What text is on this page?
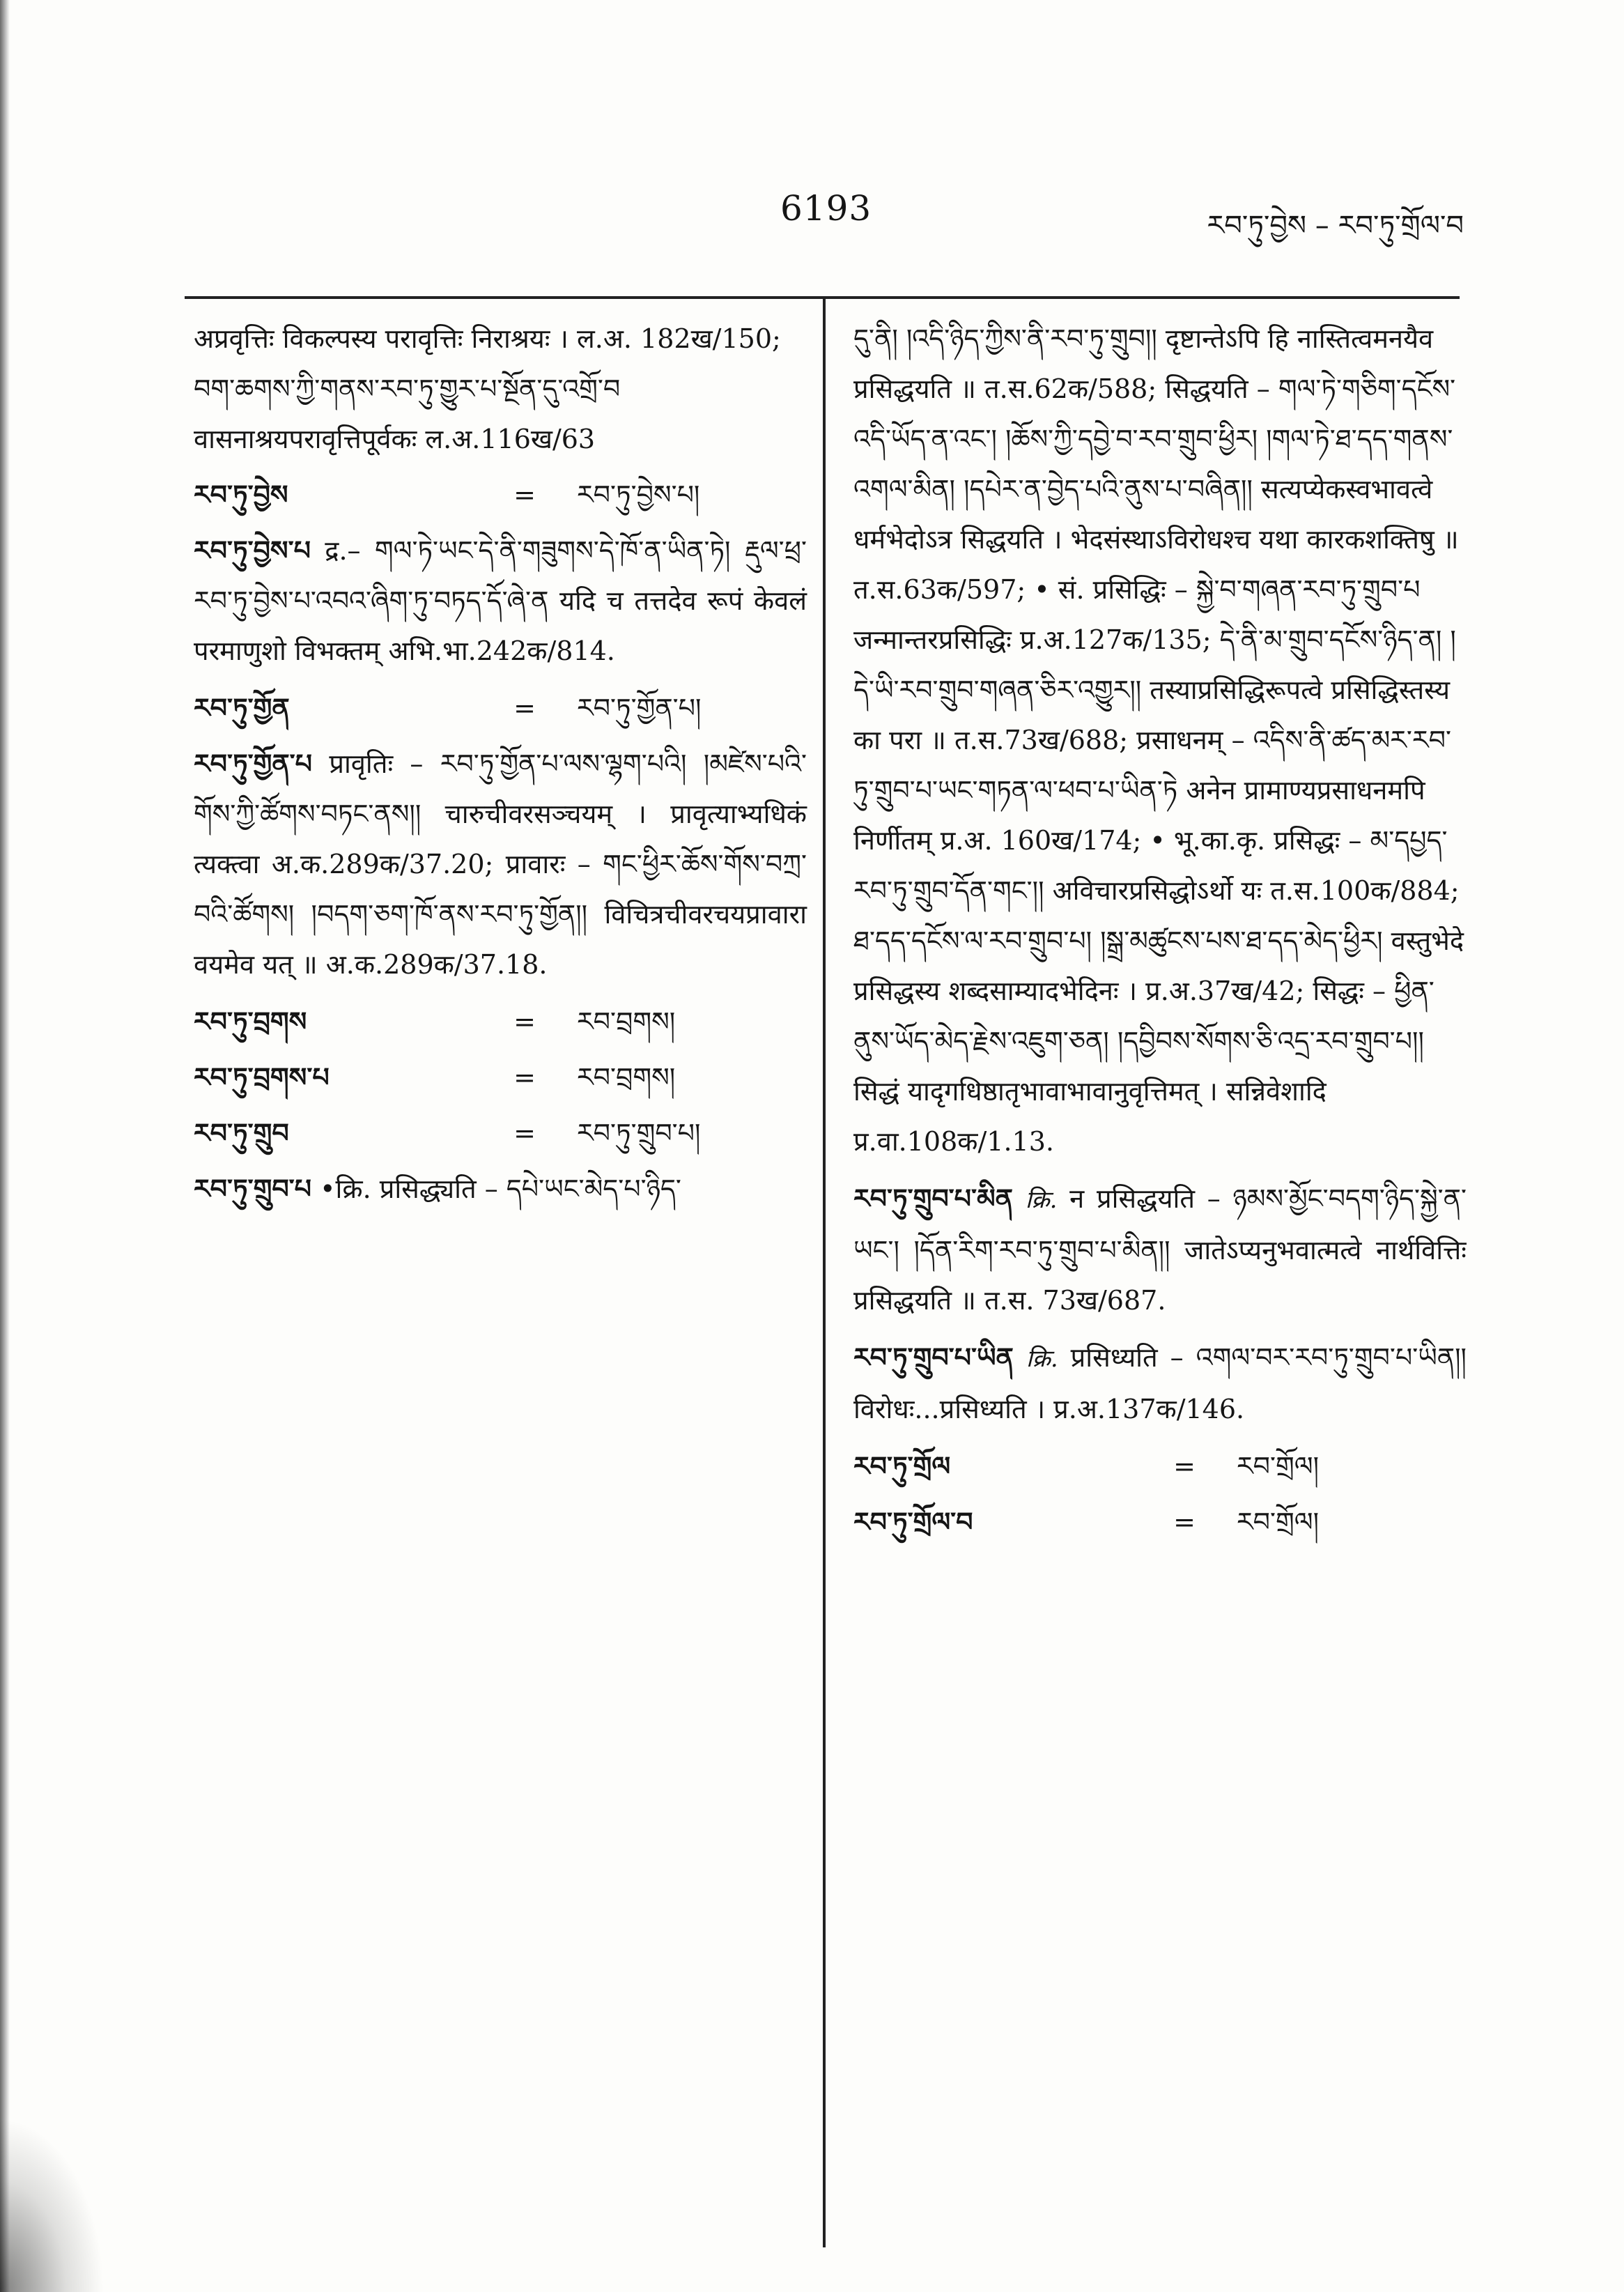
6193	རབ་ཏུ་བྱེས – རབ་ཏུ་གྲོལ་བ

अप्रवृत्तिः विकल्पस्य परावृत्तिः निराश्रयः । ल.अ. 182ख/150; བག་ཆགས་ཀྱི་གནས་རབ་ཏུ་གྱུར་པ་སྔོན་དུ་འགྲོ་བ वासनाश्रयपरावृत्तिपूर्वकः ल.अ.116ख/63

རབ་ཏུ་བྱེས	=	རབ་ཏུ་བྱེས་པ།

རབ་ཏུ་བྱེས་པ द्र.– གལ་ཏེ་ཡང་དེ་ནི་གཟུགས་དེ་ཁོ་ན་ཡིན་ཏེ། རྡུལ་ཕྲ་རབ་ཏུ་བྱེས་པ་འབའ་ཞིག་ཏུ་བཏད་དོ་ཞེ་ན यदि च तत्तदेव रूपं केवलं परमाणुशो विभक्तम् अभि.भा.242क/814.

རབ་ཏུ་གྱོན	=	རབ་ཏུ་གྱོན་པ།

རབ་ཏུ་གྱོན་པ प्रावृतिः – རབ་ཏུ་གྱོན་པ་ལས་ལྷག་པའི། །མཛེས་པའི་གོས་ཀྱི་ཚོགས་བཏང་ནས།། चारुचीवरसञ्चयम् । प्रावृत्याभ्यधिकं त्यक्त्वा अ.क.289क/37.20; प्रावारः – གང་ཕྱིར་ཆོས་གོས་བཀྲ་བའི་ཚོགས། །བདག་ཅག་ཁོ་ནས་རབ་ཏུ་གྱོན།། विचित्रचीवरचयप्रावारा वयमेव यत् ॥ अ.क.289क/37.18.

རབ་ཏུ་བྲགས	=	རབ་བྲགས།
རབ་ཏུ་བྲགས་པ	=	རབ་བྲགས།
རབ་ཏུ་གྲུབ	=	རབ་ཏུ་གྲུབ་པ།

རབ་ཏུ་གྲུབ་པ •क्रि. प्रसिद्ध्यति – དཔེ་ཡང་མེད་པ་ཉིད་

དུ་ནི། །འདི་ཉིད་ཀྱིས་ནི་རབ་ཏུ་གྲུབ།། दृष्टान्तेऽपि हि नास्तित्वमनयैव प्रसिद्धयति ॥ त.स.62क/588; सिद्धयति – གལ་ཏེ་གཅིག་དངོས་འདི་ཡོད་ན་འང་། །ཆོས་ཀྱི་དབྱེ་བ་རབ་གྲུབ་ཕྱིར། །གལ་ཏེ་ཐ་དད་གནས་འགལ་མིན། །དཔེར་ན་བྱེད་པའི་ནུས་པ་བཞིན།། सत्यप्येकस्वभावत्वे धर्मभेदोऽत्र सिद्धयति । भेदसंस्थाऽविरोधश्च यथा कारकशक्तिषु ॥ त.स.63क/597; • सं. प्रसिद्धिः – སྐྱེ་བ་གཞན་རབ་ཏུ་གྲུབ་པ जन्मान्तरप्रसिद्धिः प्र.अ.127क/135; དེ་ནི་མ་གྲུབ་དངོས་ཉིད་ན། །དེ་ཡི་རབ་གྲུབ་གཞན་ཅིར་འགྱུར།། तस्याप्रसिद्धिरूपत्वे प्रसिद्धिस्तस्य का परा ॥ त.स.73ख/688; प्रसाधनम् – འདིས་ནི་ཚད་མར་རབ་ཏུ་གྲུབ་པ་ཡང་གཏན་ལ་ཕབ་པ་ཡིན་ཏེ अनेन प्रामाण्यप्रसाधनमपि निर्णीतम् प्र.अ. 160ख/174; • भू.का.कृ. प्रसिद्धः – མ་དཔྱད་རབ་ཏུ་གྲུབ་དོན་གང་།། अविचारप्रसिद्धोऽर्थो यः त.स.100क/884; ཐ་དད་དངོས་ལ་རབ་གྲུབ་པ། །སྒྲ་མཚུངས་པས་ཐ་དད་མེད་ཕྱིར། वस्तुभेदे प्रसिद्धस्य शब्दसाम्यादभेदिनः । प्र.अ.37ख/42; सिद्धः – ཕྱིན་ནུས་ཡོད་མེད་རྗེས་འཇུག་ཅན། །དབྱིབས་སོགས་ཅི་འདྲ་རབ་གྲུབ་པ།། सिद्धं यादृगधिष्ठातृभावाभावानुवृत्तिमत् । सन्निवेशादि प्र.वा.108क/1.13.

རབ་ཏུ་གྲུབ་པ་མིན क्रि. न प्रसिद्धयति – ཉམས་མྱོང་བདག་ཉིད་སྐྱེ་ན་ཡང་། །དོན་རིག་རབ་ཏུ་གྲུབ་པ་མིན།། जातेऽप्यनुभवात्मत्वे नार्थवित्तिः प्रसिद्धयति ॥ त.स. 73ख/687.

རབ་ཏུ་གྲུབ་པ་ཡིན क्रि. प्रसिध्यति – འགལ་བར་རབ་ཏུ་གྲུབ་པ་ཡིན།། विरोधः...प्रसिध्यति । प्र.अ.137क/146.

རབ་ཏུ་གྲོལ	=	རབ་གྲོལ།
རབ་ཏུ་གྲོལ་བ	=	རབ་གྲོལ།
